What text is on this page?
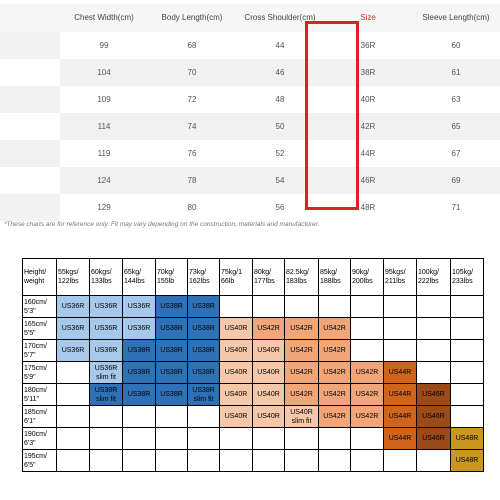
Chest Width(cm)	Body Length(cm)	Cross Shoulder(cm)	Size	Sleeve Length(cm)
99	68	44	36R	60
104	70	46	38R	61
109	72	48	40R	63
114	74	50	42R	65
119	76	52	44R	67
124	78	54	46R	69
129	80	56	48R	71
*These charts are for reference only. Fit may vary depending on the construction, materials and manufacturer.
Height/ weight	55kgs/ 122lbs	60kgs/ 133lbs	65kg/ 144lbs	70kg/ 155lb	73kg/ 162lbs	75kg/1 66lb	80kg/ 177lbs	82.5kg/ 183lbs	85kg/ 188lbs	90kg/ 200lbs	95kgs/ 211lbs	100kg/ 222lbs	105kg/ 233lbs
160cm/ 5'3"	US36R	US36R	US36R	US38R	US38R								
165cm/ 5'5"	US36R	US36R	US36R	US38R	US38R	US40R	US42R	US42R	US42R				
170cm/ 5'7"	US36R	US36R	US38R	US38R	US38R	US40R	US40R	US42R	US42R				
175cm/ 5'9"		US36R slim fit	US38R	US38R	US38R	US40R	US40R	US42R	US42R	US42R	US44R		
180cm/ 5'11"		US38R slim fit	US38R	US38R	US38R slim fit	US40R	US40R	US42R	US42R	US42R	US44R	US46R	
185cm/ 6'1"						US40R	US40R	US40R slim fit	US42R	US42R	US44R	US46R	
190cm/ 6'3"											US44R	US46R	US48R
195cm/ 6'5"													US48R
